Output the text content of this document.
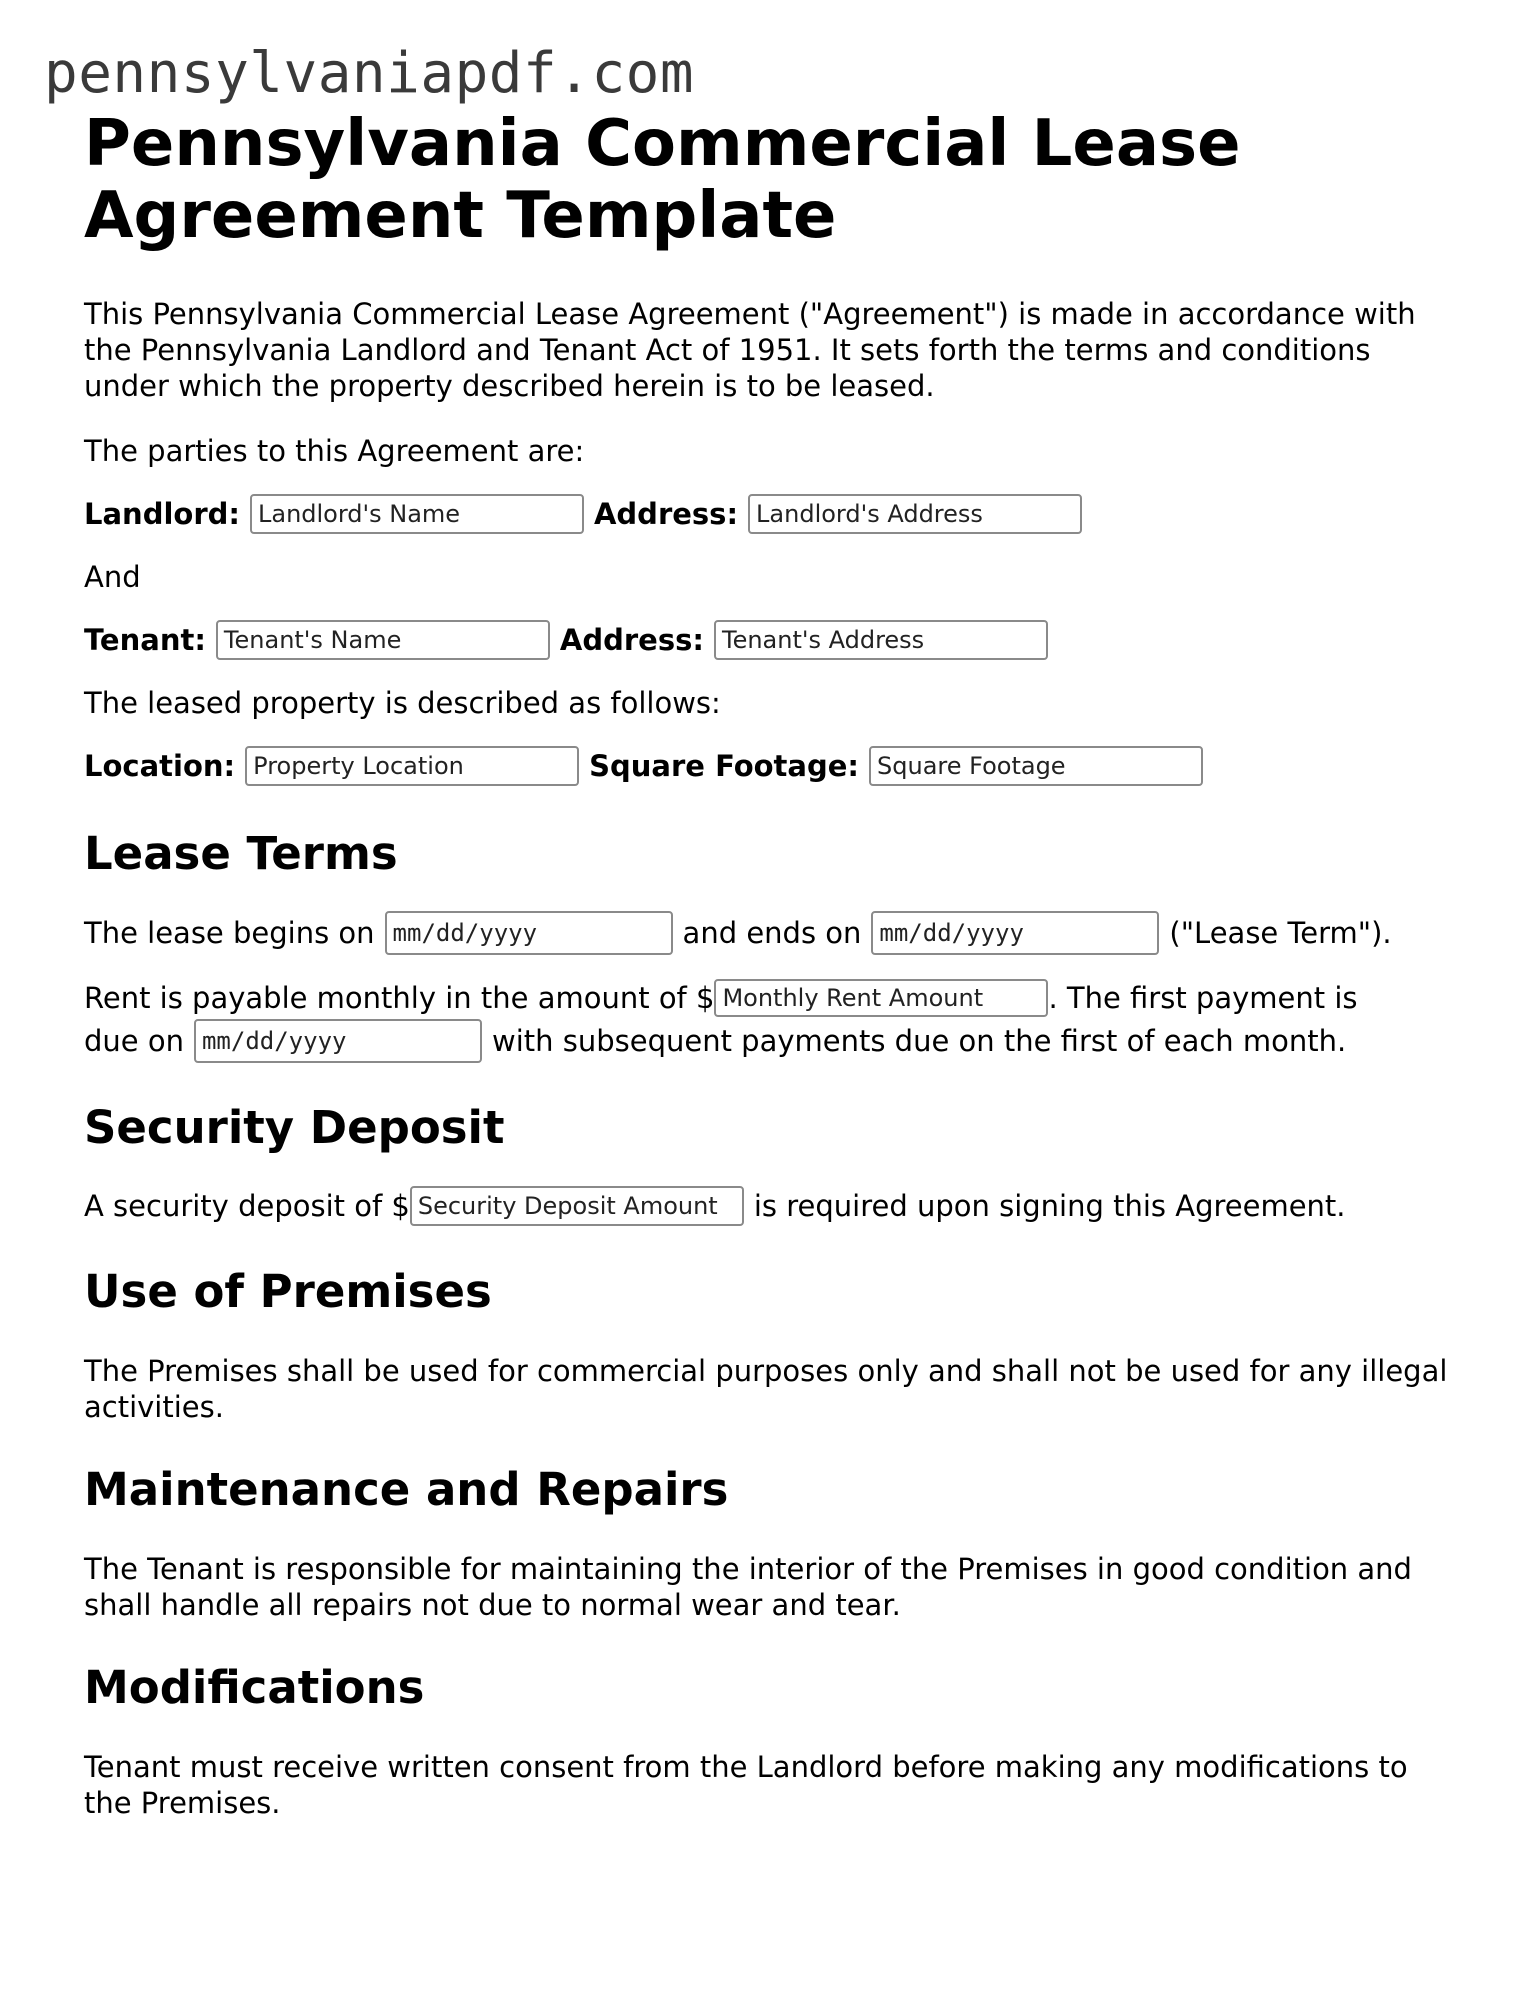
pennsylvaniapdf.com
Pennsylvania Commercial Lease Agreement Template

This Pennsylvania Commercial Lease Agreement ("Agreement") is made in accordance with the Pennsylvania Landlord and Tenant Act of 1951. It sets forth the terms and conditions under which the property described herein is to be leased.

The parties to this Agreement are:

Landlord: Landlord's Name	Address: Landlord's Address

And

Tenant: Tenant's Name	Address: Tenant's Address

The leased property is described as follows:

Location: Property Location	Square Footage: Square Footage
Lease Terms
The lease begins on mm/dd/yyyy	and ends on mm/dd/yyyy	("Lease Term").
Rent is payable monthly in the amount of $ Monthly Rent Amount	. The first payment is
due on mm/dd/yyyy	with subsequent payments due on the first of each month.
Security Deposit
A security deposit of $ Security Deposit Amount	is required upon signing this Agreement.
Use of Premises

The Premises shall be used for commercial purposes only and shall not be used for any illegal activities.

Maintenance and Repairs

The Tenant is responsible for maintaining the interior of the Premises in good condition and shall handle all repairs not due to normal wear and tear.

Modifications

Tenant must receive written consent from the Landlord before making any modifications to the Premises.
